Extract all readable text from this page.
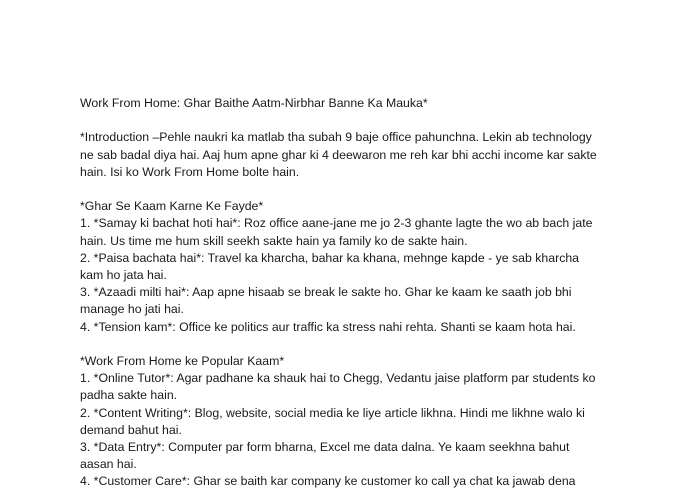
Work From Home: Ghar Baithe Aatm-Nirbhar Banne Ka Mauka*
*Introduction –Pehle naukri ka matlab tha subah 9 baje office pahunchna. Lekin ab technology
ne sab badal diya hai. Aaj hum apne ghar ki 4 deewaron me reh kar bhi acchi income kar sakte
hain. Isi ko Work From Home bolte hain.
*Ghar Se Kaam Karne Ke Fayde*
1. *Samay ki bachat hoti hai*: Roz office aane-jane me jo 2-3 ghante lagte the wo ab bach jate
hain. Us time me hum skill seekh sakte hain ya family ko de sakte hain.
2. *Paisa bachata hai*: Travel ka kharcha, bahar ka khana, mehnge kapde - ye sab kharcha
kam ho jata hai.
3. *Azaadi milti hai*: Aap apne hisaab se break le sakte ho. Ghar ke kaam ke saath job bhi
manage ho jati hai.
4. *Tension kam*: Office ke politics aur traffic ka stress nahi rehta. Shanti se kaam hota hai.
*Work From Home ke Popular Kaam*
1. *Online Tutor*: Agar padhane ka shauk hai to Chegg, Vedantu jaise platform par students ko
padha sakte hain.
2. *Content Writing*: Blog, website, social media ke liye article likhna. Hindi me likhne walo ki
demand bahut hai.
3. *Data Entry*: Computer par form bharna, Excel me data dalna. Ye kaam seekhna bahut
aasan hai.
4. *Customer Care*: Ghar se baith kar company ke customer ko call ya chat ka jawab dena
